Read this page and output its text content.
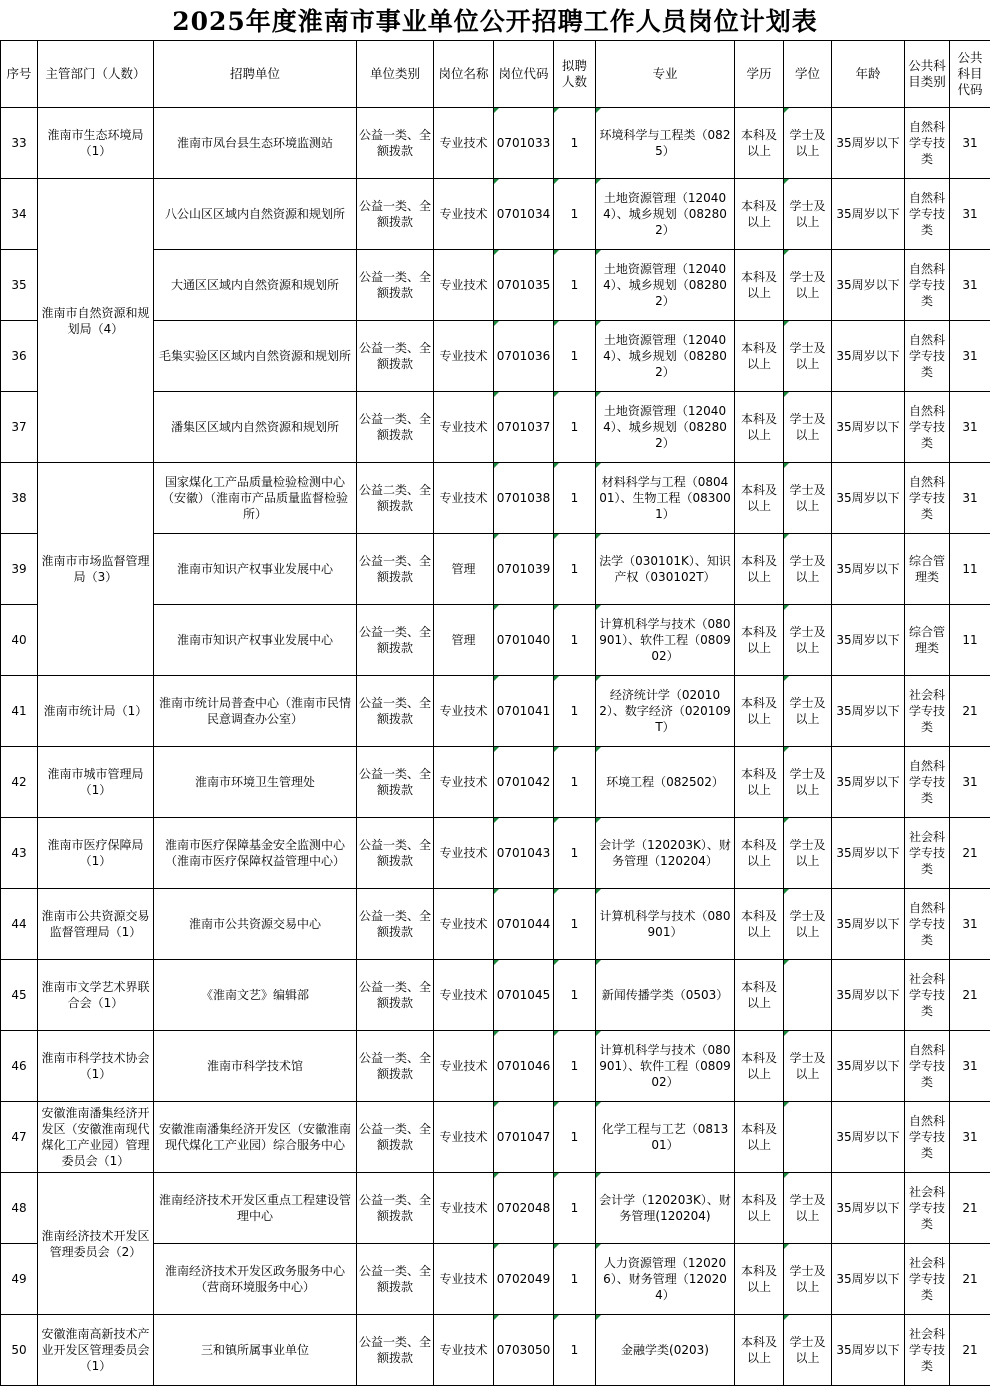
2025年度淮南市事业单位公开招聘工作人员岗位计划表
序号	主管部门（人数）	招聘单位	单位类别	岗位名称	岗位代码	拟聘人数	专业	学历	学位	年龄	公共科目类别	公共科目代码
33	淮南市生态环境局（1）	淮南市凤台县生态环境监测站	公益一类、全额拨款	专业技术	0701033	1	环境科学与工程类（0825）	本科及以上	学士及以上	35周岁以下	自然科学专技类	31
34	淮南市自然资源和规划局（4）	八公山区区域内自然资源和规划所	公益一类、全额拨款	专业技术	0701034	1	土地资源管理（120404）、城乡规划（082802）	本科及以上	学士及以上	35周岁以下	自然科学专技类	31
35		大通区区域内自然资源和规划所	公益一类、全额拨款	专业技术	0701035	1	土地资源管理（120404）、城乡规划（082802）	本科及以上	学士及以上	35周岁以下	自然科学专技类	31
36		毛集实验区区域内自然资源和规划所	公益一类、全额拨款	专业技术	0701036	1	土地资源管理（120404）、城乡规划（082802）	本科及以上	学士及以上	35周岁以下	自然科学专技类	31
37		潘集区区域内自然资源和规划所	公益一类、全额拨款	专业技术	0701037	1	土地资源管理（120404）、城乡规划（082802）	本科及以上	学士及以上	35周岁以下	自然科学专技类	31
38	淮南市市场监督管理局（3）	国家煤化工产品质量检验检测中心（安徽）（淮南市产品质量监督检验所）	公益二类、全额拨款	专业技术	0701038	1	材料科学与工程（080401）、生物工程（083001）	本科及以上	学士及以上	35周岁以下	自然科学专技类	31
39		淮南市知识产权事业发展中心	公益一类、全额拨款	管理	0701039	1	法学（030101K）、知识产权（030102T）	本科及以上	学士及以上	35周岁以下	综合管理类	11
40		淮南市知识产权事业发展中心	公益一类、全额拨款	管理	0701040	1	计算机科学与技术（080901）、软件工程（080902）	本科及以上	学士及以上	35周岁以下	综合管理类	11
41	淮南市统计局（1）	淮南市统计局普查中心（淮南市民情民意调查办公室）	公益一类、全额拨款	专业技术	0701041	1	经济统计学（020102）、数字经济（020109T）	本科及以上	学士及以上	35周岁以下	社会科学专技类	21
42	淮南市城市管理局（1）	淮南市环境卫生管理处	公益一类、全额拨款	专业技术	0701042	1	环境工程（082502）	本科及以上	学士及以上	35周岁以下	自然科学专技类	31
43	淮南市医疗保障局（1）	淮南市医疗保障基金安全监测中心（淮南市医疗保障权益管理中心）	公益一类、全额拨款	专业技术	0701043	1	会计学（120203K）、财务管理（120204）	本科及以上	学士及以上	35周岁以下	社会科学专技类	21
44	淮南市公共资源交易监督管理局（1）	淮南市公共资源交易中心	公益一类、全额拨款	专业技术	0701044	1	计算机科学与技术（080901）	本科及以上	学士及以上	35周岁以下	自然科学专技类	31
45	淮南市文学艺术界联合会（1）	《淮南文艺》编辑部	公益一类、全额拨款	专业技术	0701045	1	新闻传播学类（0503）	本科及以上		35周岁以下	社会科学专技类	21
46	淮南市科学技术协会（1）	淮南市科学技术馆	公益一类、全额拨款	专业技术	0701046	1	计算机科学与技术（080901）、软件工程（080902）	本科及以上	学士及以上	35周岁以下	自然科学专技类	31
47	安徽淮南潘集经济开发区（安徽淮南现代煤化工产业园）管理委员会（1）	安徽淮南潘集经济开发区（安徽淮南现代煤化工产业园）综合服务中心	公益一类、全额拨款	专业技术	0701047	1	化学工程与工艺（081301）	本科及以上		35周岁以下	自然科学专技类	31
48	淮南经济技术开发区管理委员会（2）	淮南经济技术开发区重点工程建设管理中心	公益一类、全额拨款	专业技术	0702048	1	会计学（120203K）、财务管理(120204)	本科及以上	学士及以上	35周岁以下	社会科学专技类	21
49		淮南经济技术开发区政务服务中心（营商环境服务中心）	公益一类、全额拨款	专业技术	0702049	1	人力资源管理（120206）、财务管理（120204）	本科及以上	学士及以上	35周岁以下	社会科学专技类	21
50	安徽淮南高新技术产业开发区管理委员会（1）	三和镇所属事业单位	公益一类、全额拨款	专业技术	0703050	1	金融学类(0203)	本科及以上	学士及以上	35周岁以下	社会科学专技类	21
